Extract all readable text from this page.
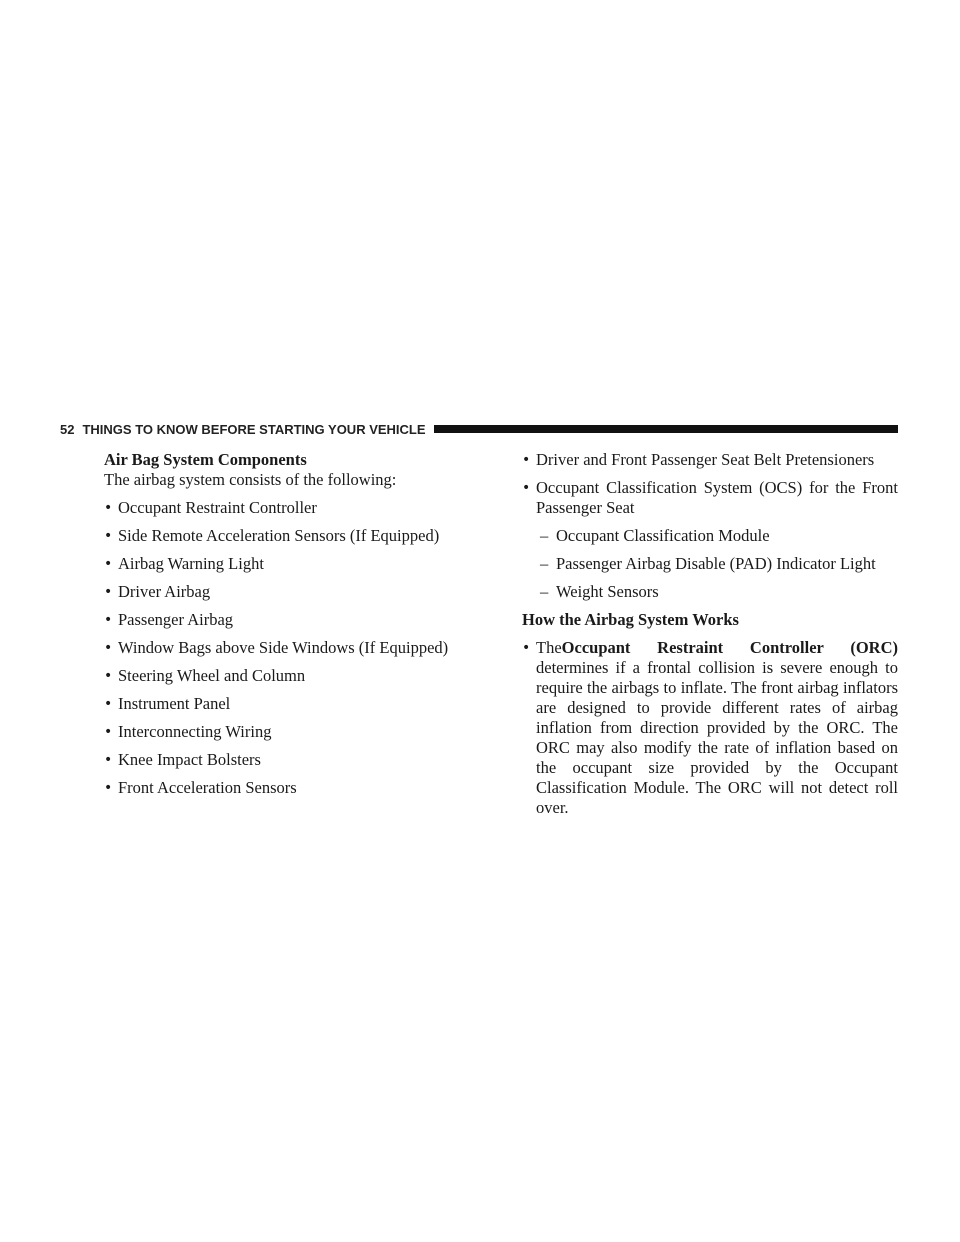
52 THINGS TO KNOW BEFORE STARTING YOUR VEHICLE

Air Bag System Components

The airbag system consists of the following:

• Occupant Restraint Controller
• Side Remote Acceleration Sensors (If Equipped)
• Airbag Warning Light
• Driver Airbag
• Passenger Airbag
• Window Bags above Side Windows (If Equipped)
• Steering Wheel and Column
• Instrument Panel
• Interconnecting Wiring
• Knee Impact Bolsters
• Front Acceleration Sensors
• Driver and Front Passenger Seat Belt Pretensioners
• Occupant Classification System (OCS) for the Front Passenger Seat
– Occupant Classification Module
– Passenger Airbag Disable (PAD) Indicator Light
– Weight Sensors

How the Airbag System Works

• TheOccupant Restraint Controller (ORC) determines if a frontal collision is severe enough to require the airbags to inflate. The front airbag inflators are designed to provide different rates of airbag inflation from direction provided by the ORC. The ORC may also modify the rate of inflation based on the occupant size provided by the Occupant Classification Module. The ORC will not detect roll over.
